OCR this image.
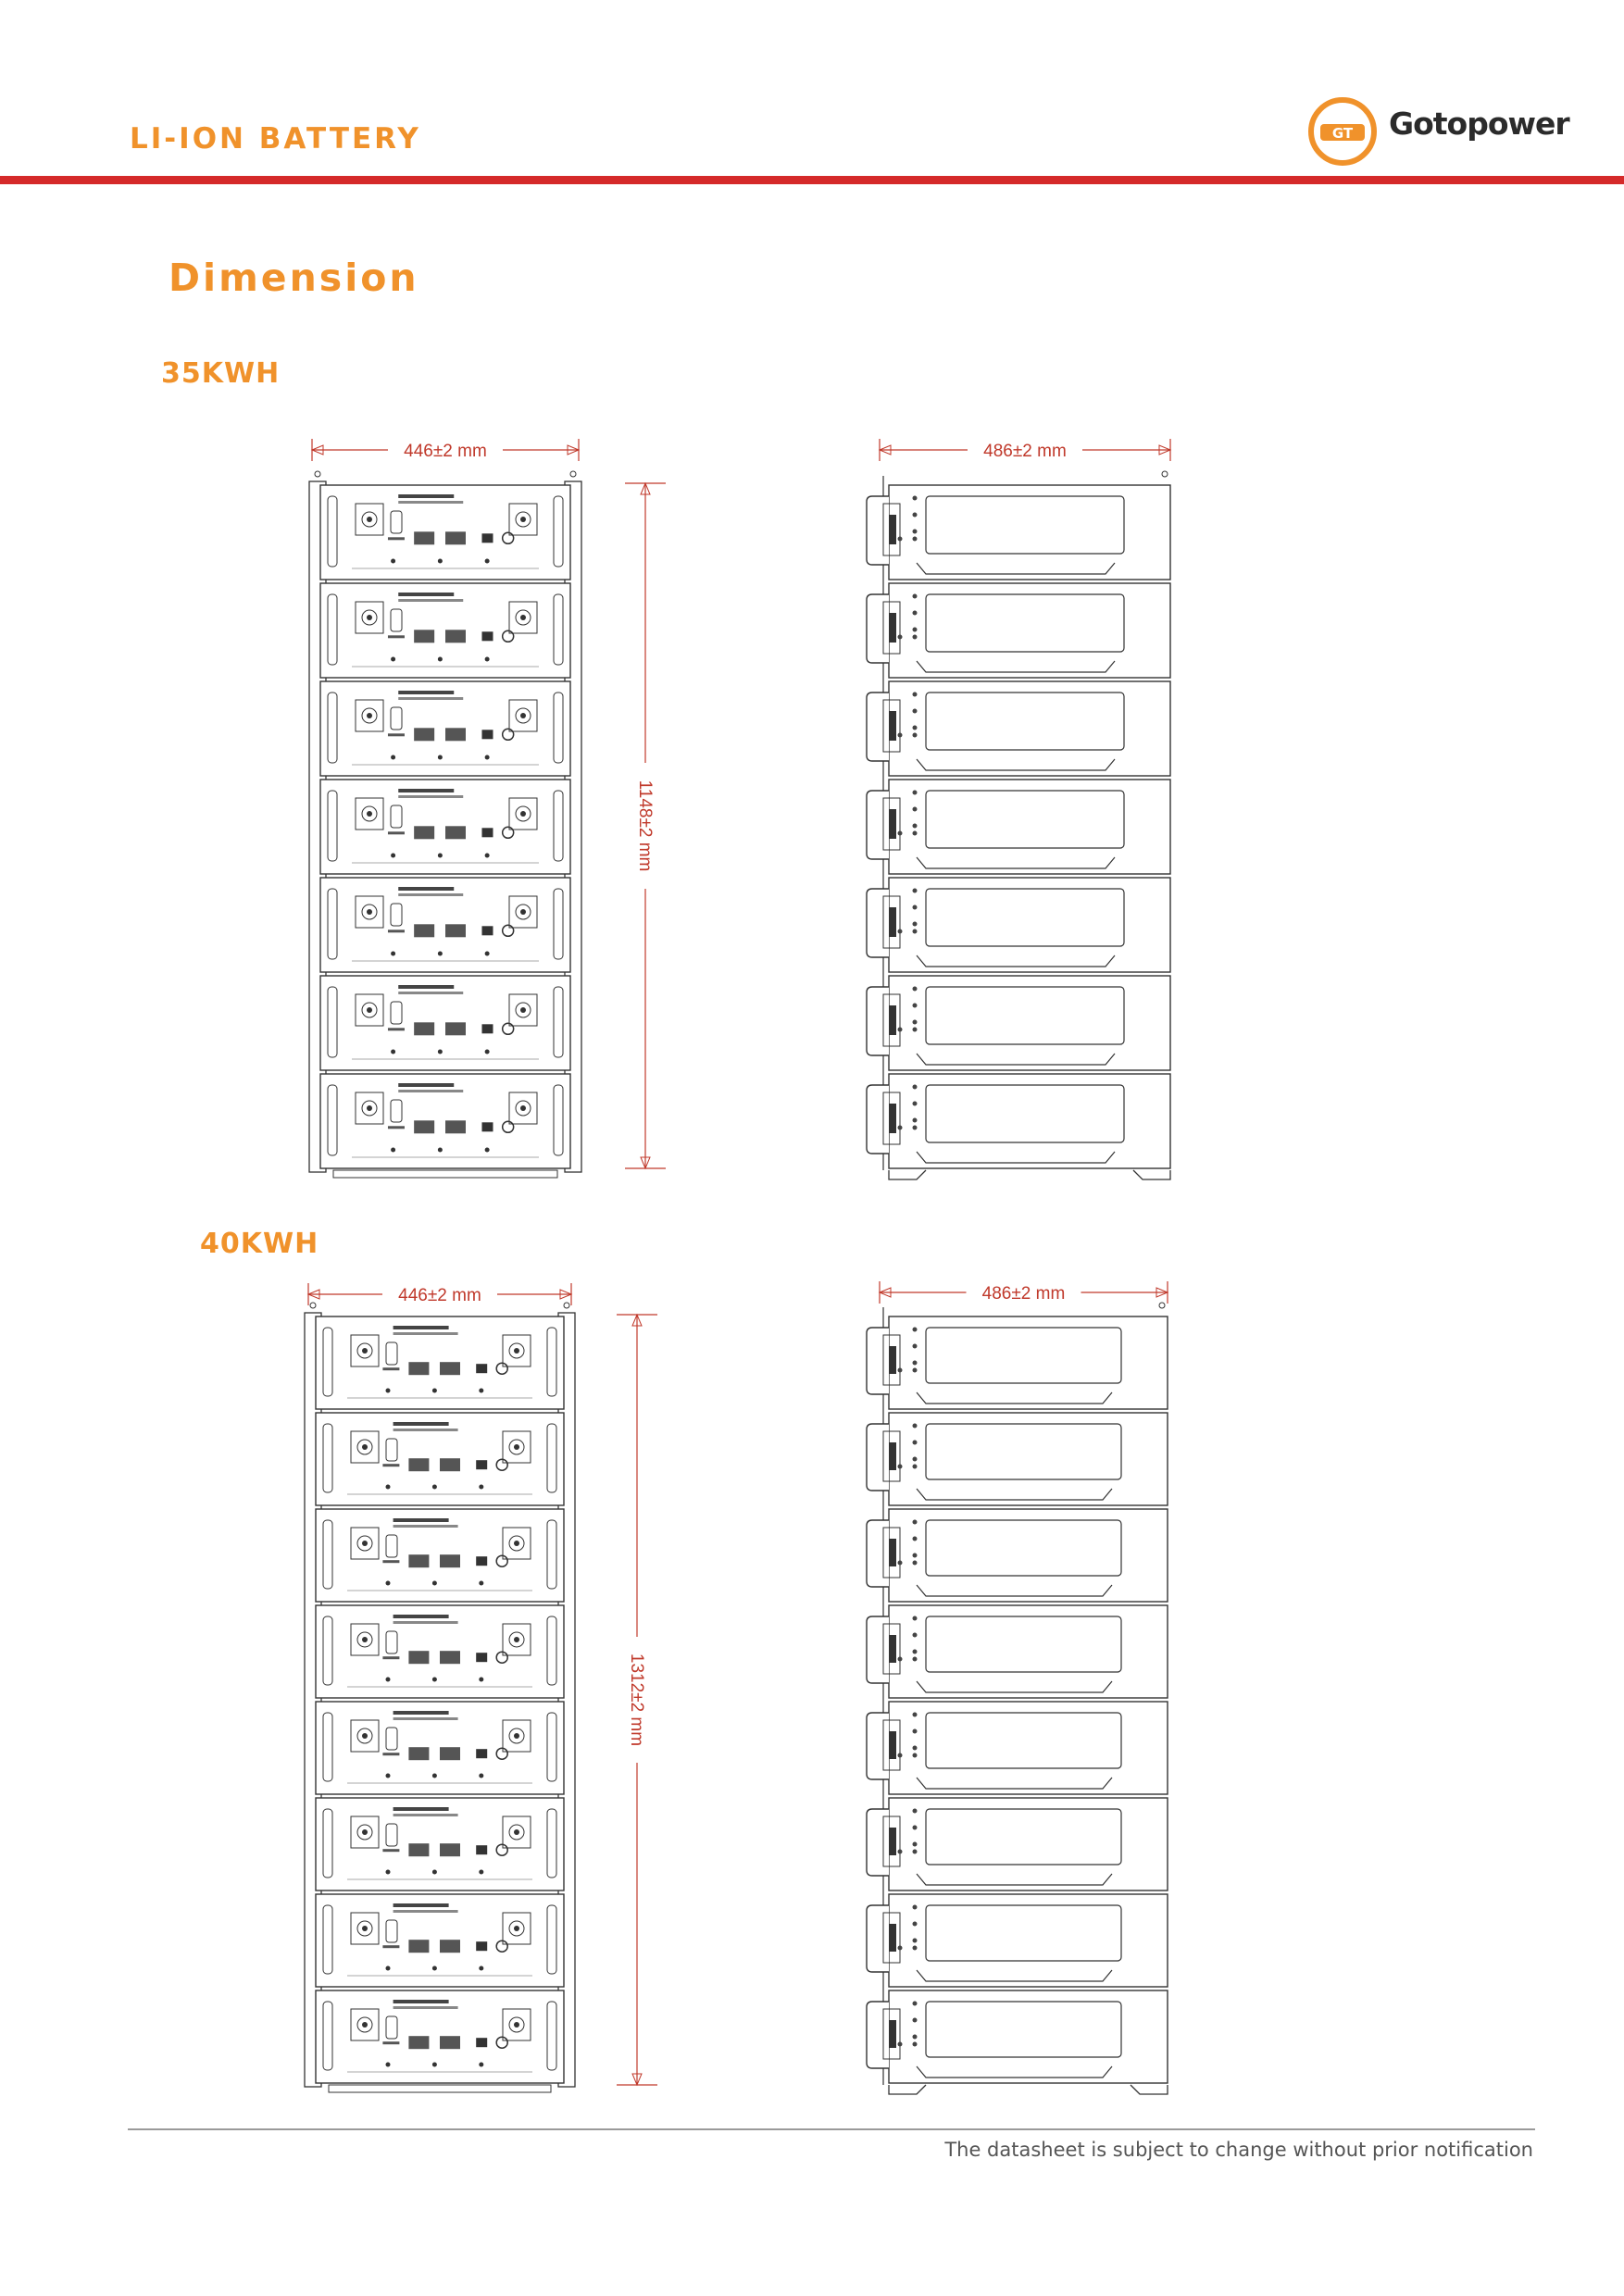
LI-ION BATTERY	GT Gotopower
Dimension
35KWH
40KWH
446±2 mm
1148±2 mm
486±2 mm
446±2 mm
1312±2 mm
486±2 mm
The datasheet is subject to change without prior notification
